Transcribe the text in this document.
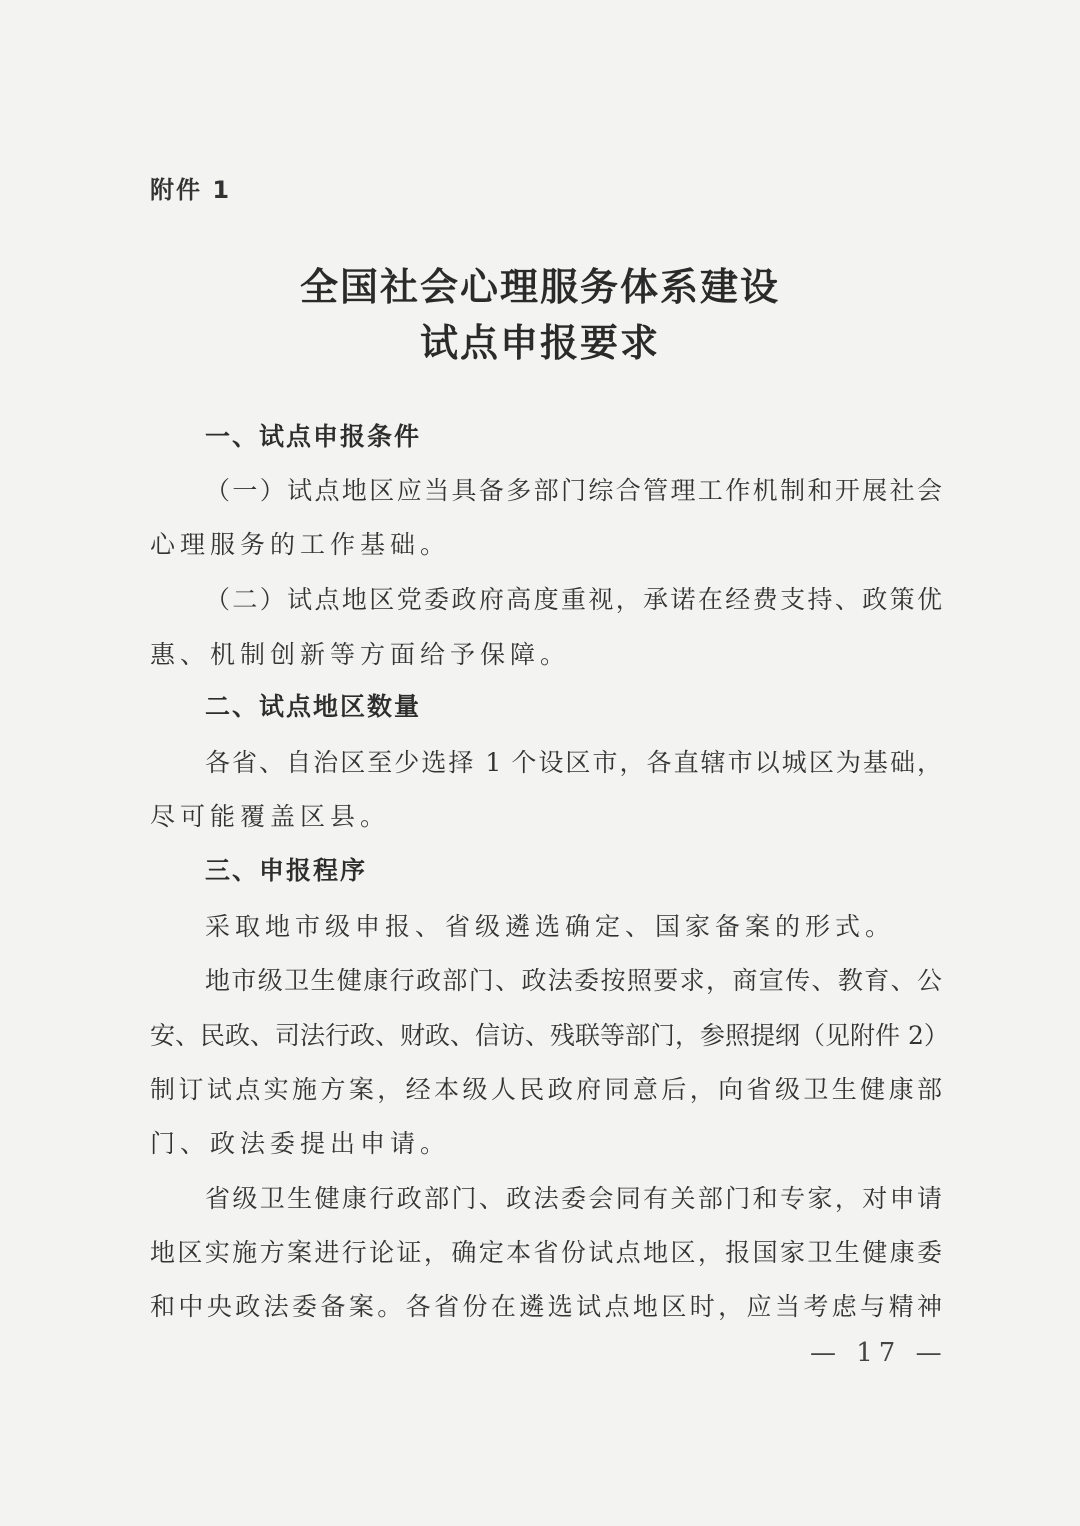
附件 1
全国社会心理服务体系建设
试点申报要求
一、试点申报条件
（一）试点地区应当具备多部门综合管理工作机制和开展社会
心理服务的工作基础。
（二）试点地区党委政府高度重视，承诺在经费支持、政策优
惠、机制创新等方面给予保障。
二、试点地区数量
各省、自治区至少选择 1 个设区市，各直辖市以城区为基础，
尽可能覆盖区县。
三、申报程序
采取地市级申报、省级遴选确定、国家备案的形式。
地市级卫生健康行政部门、政法委按照要求，商宣传、教育、公
安、民政、司法行政、财政、信访、残联等部门，参照提纲（见附件 2）
制订试点实施方案，经本级人民政府同意后，向省级卫生健康部
门、政法委提出申请。
省级卫生健康行政部门、政法委会同有关部门和专家，对申请
地区实施方案进行论证，确定本省份试点地区，报国家卫生健康委
和中央政法委备案。各省份在遴选试点地区时，应当考虑与精神
— 17 —
